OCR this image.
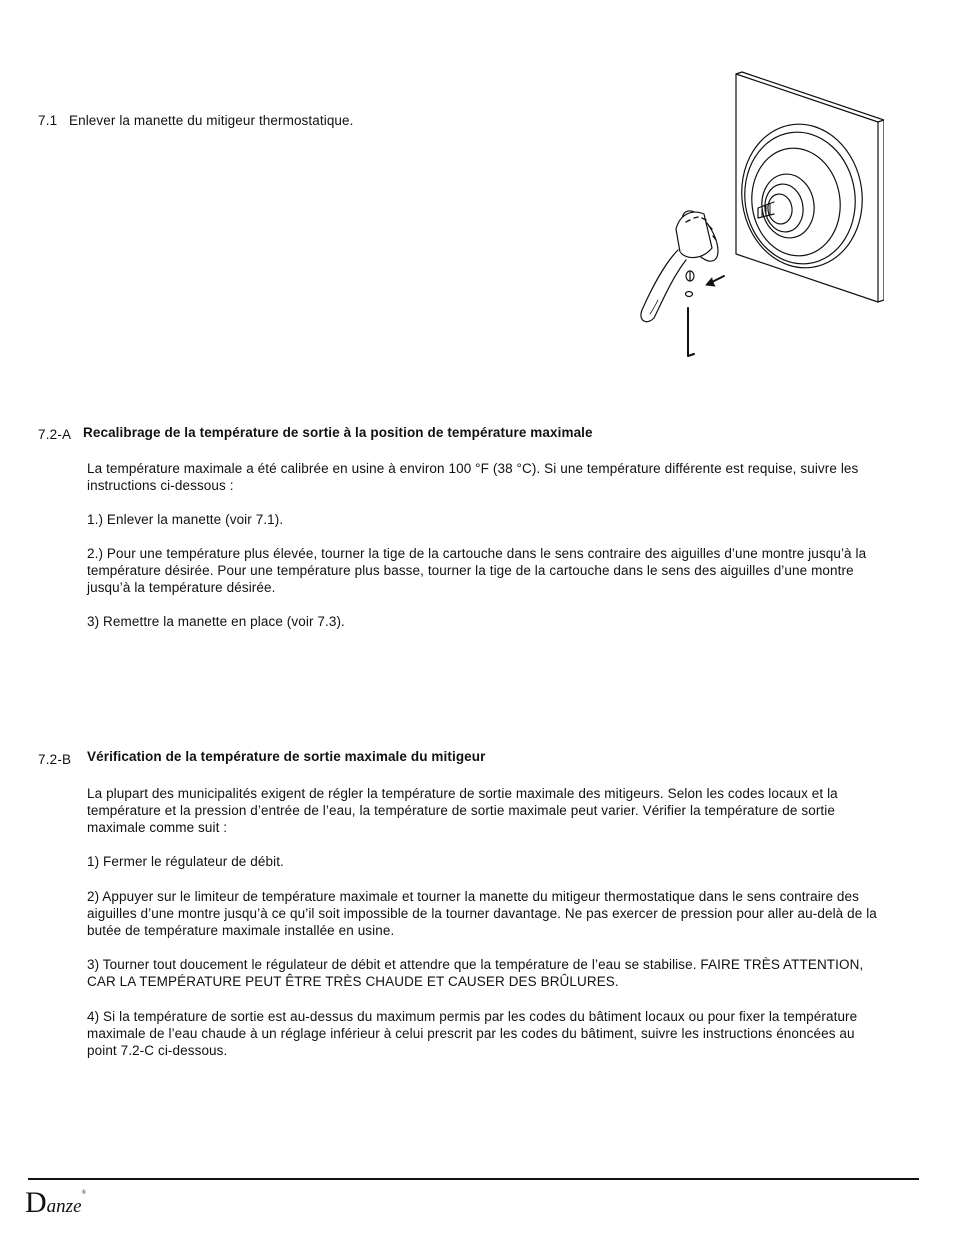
7.1 Enlever la manette du mitigeur thermostatique.
7.2-A Recalibrage de la température de sortie à la position de température maximale
La température maximale a été calibrée en usine à environ 100 °F (38 °C). Si une température différente est requise, suivre les instructions ci-dessous :
1.) Enlever la manette (voir 7.1).
2.) Pour une température plus élevée, tourner la tige de la cartouche dans le sens contraire des aiguilles d’une montre jusqu’à la température désirée. Pour une température plus basse, tourner la tige de la cartouche dans le sens des aiguilles d’une montre jusqu’à la température désirée.
3) Remettre la manette en place (voir 7.3).
7.2-B Vérification de la température de sortie maximale du mitigeur
La plupart des municipalités exigent de régler la température de sortie maximale des mitigeurs. Selon les codes locaux et la température et la pression d’entrée de l’eau, la température de sortie maximale peut varier. Vérifier la température de sortie maximale comme suit :
1) Fermer le régulateur de débit.
2) Appuyer sur le limiteur de température maximale et tourner la manette du mitigeur thermostatique dans le sens contraire des aiguilles d’une montre jusqu’à ce qu’il soit impossible de la tourner davantage. Ne pas exercer de pression pour aller au-delà de la butée de température maximale installée en usine.
3) Tourner tout doucement le régulateur de débit et attendre que la température de l’eau se stabilise. FAIRE TRÈS ATTENTION, CAR LA TEMPÉRATURE PEUT ÊTRE TRÈS CHAUDE ET CAUSER DES BRÛLURES.
4) Si la température de sortie est au-dessus du maximum permis par les codes du bâtiment locaux ou pour fixer la température maximale de l’eau chaude à un réglage inférieur à celui prescrit par les codes du bâtiment, suivre les instructions énoncées au point 7.2-C ci-dessous.
Danze®
